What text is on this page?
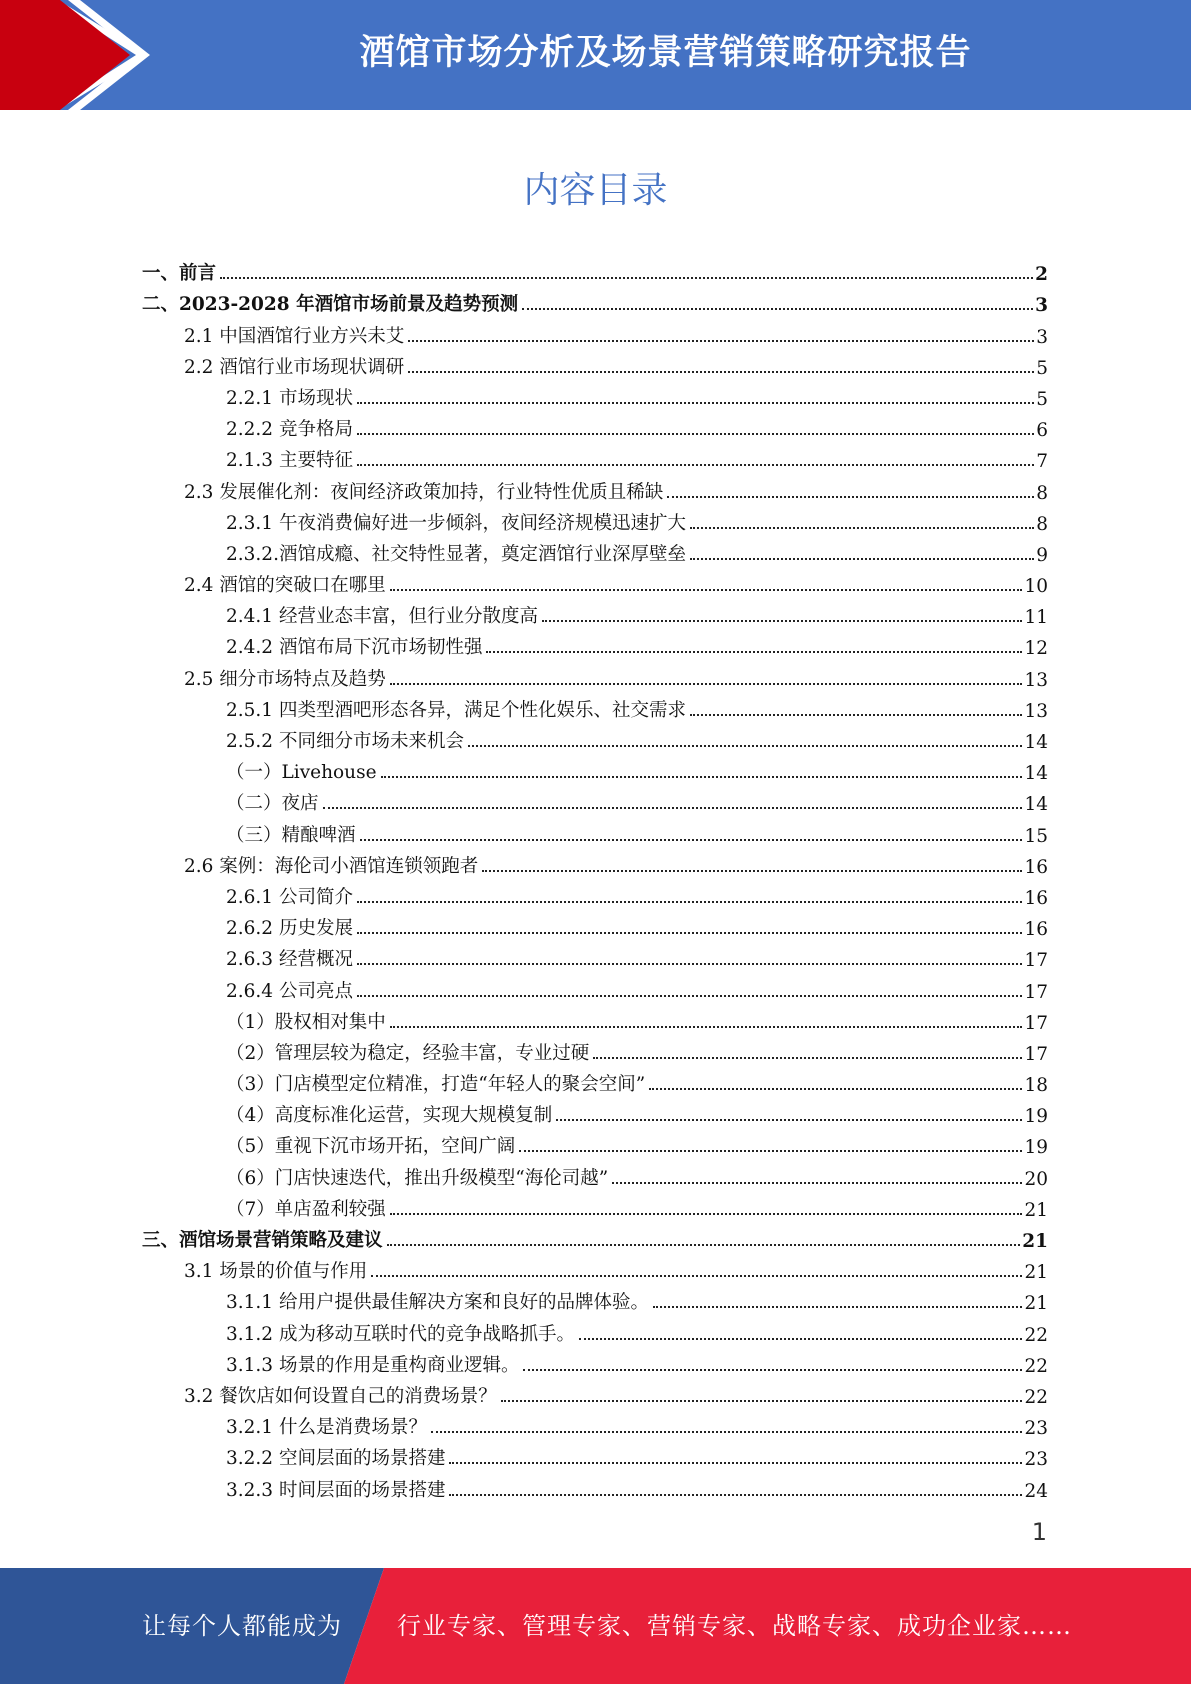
酒馆市场分析及场景营销策略研究报告
内容目录
一、前言	2
二、2023-2028 年酒馆市场前景及趋势预测	3
2.1 中国酒馆行业方兴未艾	3
2.2 酒馆行业市场现状调研	5
2.2.1 市场现状	5
2.2.2 竞争格局	6
2.1.3 主要特征	7
2.3 发展催化剂：夜间经济政策加持，行业特性优质且稀缺	8
2.3.1 午夜消费偏好进一步倾斜，夜间经济规模迅速扩大	8
2.3.2.酒馆成瘾、社交特性显著，奠定酒馆行业深厚壁垒	9
2.4 酒馆的突破口在哪里	10
2.4.1 经营业态丰富，但行业分散度高	11
2.4.2 酒馆布局下沉市场韧性强	12
2.5 细分市场特点及趋势	13
2.5.1 四类型酒吧形态各异，满足个性化娱乐、社交需求	13
2.5.2 不同细分市场未来机会	14
（一）Livehouse	14
（二）夜店	14
（三）精酿啤酒	15
2.6 案例：海伦司小酒馆连锁领跑者	16
2.6.1 公司简介	16
2.6.2 历史发展	16
2.6.3 经营概况	17
2.6.4 公司亮点	17
（1）股权相对集中	17
（2）管理层较为稳定，经验丰富，专业过硬	17
（3）门店模型定位精准，打造“年轻人的聚会空间”	18
（4）高度标准化运营，实现大规模复制	19
（5）重视下沉市场开拓，空间广阔	19
（6）门店快速迭代，推出升级模型“海伦司越”	20
（7）单店盈利较强	21
三、酒馆场景营销策略及建议	21
3.1 场景的价值与作用	21
3.1.1 给用户提供最佳解决方案和良好的品牌体验。	21
3.1.2 成为移动互联时代的竞争战略抓手。	22
3.1.3 场景的作用是重构商业逻辑。	22
3.2 餐饮店如何设置自己的消费场景？	22
3.2.1 什么是消费场景？	23
3.2.2 空间层面的场景搭建	23
3.2.3 时间层面的场景搭建	24
1
让每个人都能成为 行业专家、管理专家、营销专家、战略专家、成功企业家……
